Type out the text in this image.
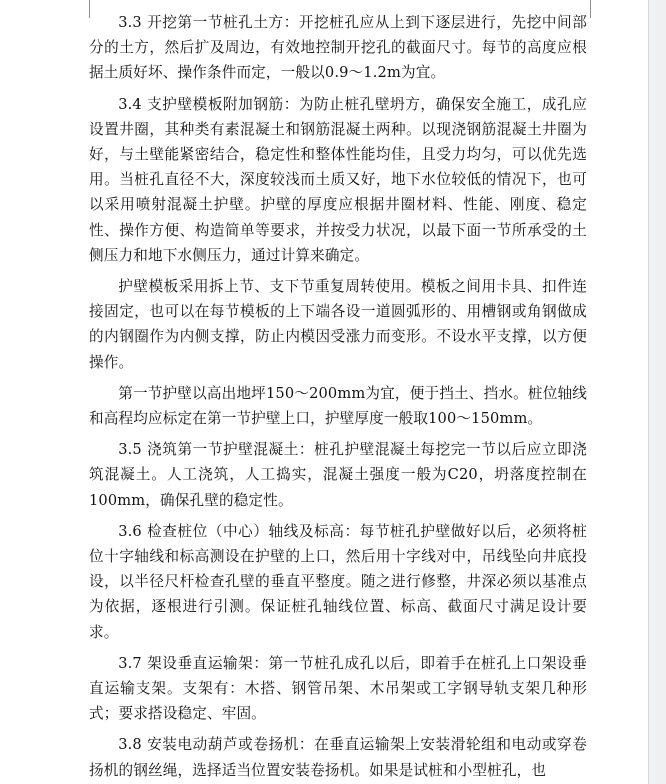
3.3 开挖第一节桩孔土方：开挖桩孔应从上到下逐层进行，先挖中间部分的土方，然后扩及周边，有效地控制开挖孔的截面尺寸。每节的高度应根据土质好坏、操作条件而定，一般以0.9～1.2m为宜。

3.4 支护壁模板附加钢筋：为防止桩孔壁坍方，确保安全施工，成孔应设置井圈，其种类有素混凝土和钢筋混凝土两种。以现浇钢筋混凝土井圈为好，与土壁能紧密结合，稳定性和整体性能均佳，且受力均匀，可以优先选用。当桩孔直径不大，深度较浅而土质又好，地下水位较低的情况下，也可以采用喷射混凝土护壁。护壁的厚度应根据井圈材料、性能、刚度、稳定性、操作方便、构造简单等要求，并按受力状况，以最下面一节所承受的土侧压力和地下水侧压力，通过计算来确定。

护壁模板采用拆上节、支下节重复周转使用。模板之间用卡具、扣件连接固定，也可以在每节模板的上下端各设一道圆弧形的、用槽钢或角钢做成的内钢圈作为内侧支撑，防止内模因受涨力而变形。不设水平支撑，以方便操作。

第一节护壁以高出地坪150～200mm为宜，便于挡土、挡水。桩位轴线和高程均应标定在第一节护壁上口，护壁厚度一般取100～150mm。

3.5 浇筑第一节护壁混凝土：桩孔护壁混凝土每挖完一节以后应立即浇筑混凝土。人工浇筑，人工捣实，混凝土强度一般为C20，坍落度控制在100mm，确保孔壁的稳定性。

3.6 检查桩位（中心）轴线及标高：每节桩孔护壁做好以后，必须将桩位十字轴线和标高测设在护壁的上口，然后用十字线对中，吊线坠向井底投设，以半径尺杆检查孔壁的垂直平整度。随之进行修整，井深必须以基准点为依据，逐根进行引测。保证桩孔轴线位置、标高、截面尺寸满足设计要求。

3.7 架设垂直运输架：第一节桩孔成孔以后，即着手在桩孔上口架设垂直运输支架。支架有：木搭、钢管吊架、木吊架或工字钢导轨支架几种形式；要求搭设稳定、牢固。

3.8 安装电动葫芦或卷扬机：在垂直运输架上安装滑轮组和电动或穿卷扬机的钢丝绳，选择适当位置安装卷扬机。如果是试桩和小型桩孔，也
